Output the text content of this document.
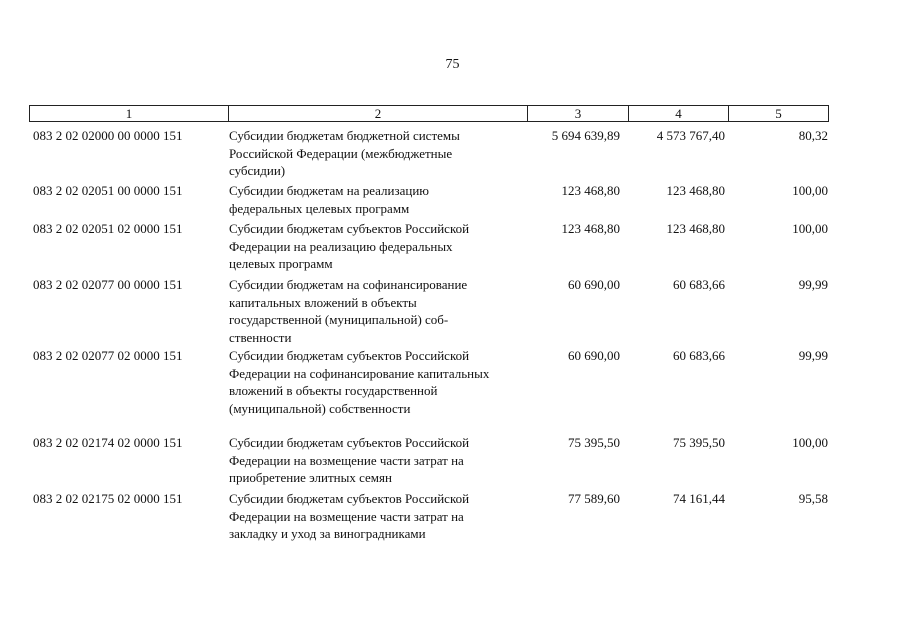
75
1	2	3	4	5
083 2 02 02000 00 0000 151	Субсидии бюджетам бюджетной системы
Российской Федерации (межбюджетные
субсидии)
5 694 639,89	4 573 767,40	80,32
083 2 02 02051 00 0000 151	Субсидии бюджетам на реализацию
федеральных целевых программ
123 468,80	123 468,80	100,00
083 2 02 02051 02 0000 151	Субсидии бюджетам субъектов Российской
Федерации на реализацию федеральных
целевых программ
123 468,80	123 468,80	100,00
083 2 02 02077 00 0000 151	Субсидии бюджетам на софинансирование
капитальных вложений в объекты
государственной (муниципальной) соб-
ственности
60 690,00	60 683,66	99,99
083 2 02 02077 02 0000 151	Субсидии бюджетам субъектов Российской
Федерации на софинансирование капитальных
вложений в объекты государственной
(муниципальной) собственности
60 690,00	60 683,66	99,99
083 2 02 02174 02 0000 151	Субсидии бюджетам субъектов Российской
Федерации на возмещение части затрат на
приобретение элитных семян
75 395,50	75 395,50	100,00
083 2 02 02175 02 0000 151	Субсидии бюджетам субъектов Российской
Федерации на возмещение части затрат на
закладку и уход за виноградниками
77 589,60	74 161,44	95,58
